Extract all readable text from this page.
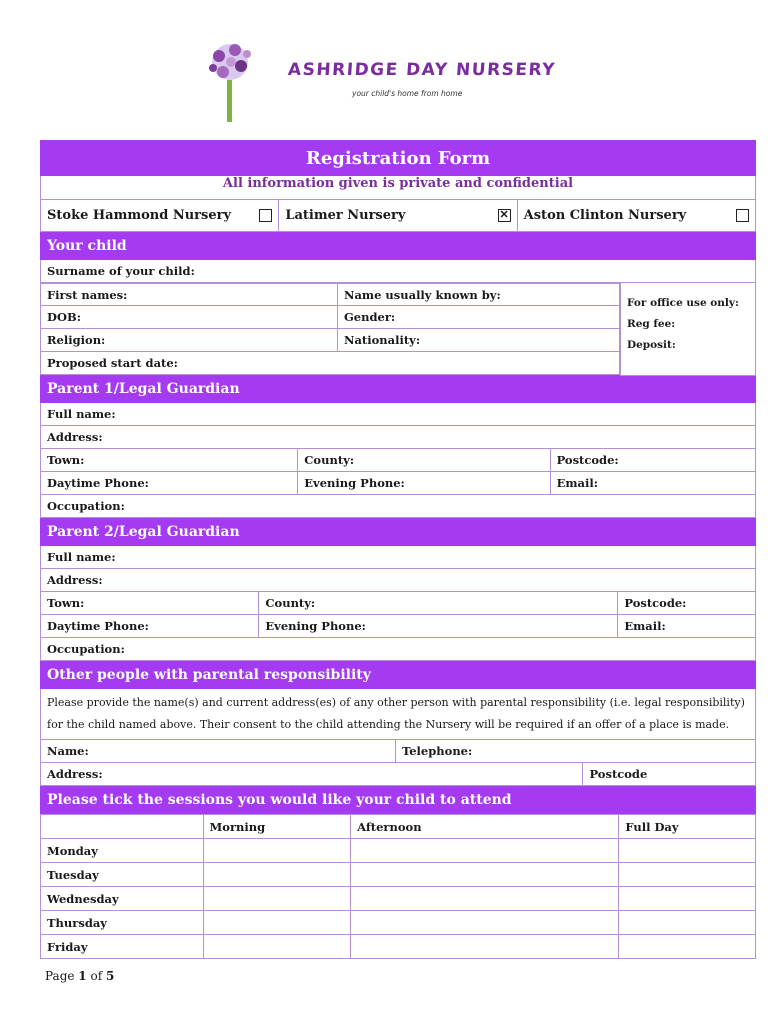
ASHRIDGE DAY NURSERY
your child's home from home
Registration Form
All information given is private and confidential
Stoke Hammond Nursery	Latimer Nursery	✕ Aston Clinton Nursery
Your child
Surname of your child:
First names:	Name usually known by:
DOB:	Gender:
Religion:	Nationality:
Proposed start date:
For office use only:
Reg fee:
Deposit:
Parent 1/Legal Guardian
Full name:
Address:
Town:	County:	Postcode:
Daytime Phone:	Evening Phone:	Email:
Occupation:
Parent 2/Legal Guardian
Full name:
Address:
Town:	County:	Postcode:
Daytime Phone:	Evening Phone:	Email:
Occupation:
Other people with parental responsibility
Please provide the name(s) and current address(es) of any other person with parental responsibility (i.e. legal responsibility) for the child named above. Their consent to the child attending the Nursery will be required if an offer of a place is made.
Name:	Telephone:
Address:	Postcode
Please tick the sessions you would like your child to attend
Morning	Afternoon	Full Day
Monday
Tuesday
Wednesday
Thursday
Friday
Page 1 of 5
